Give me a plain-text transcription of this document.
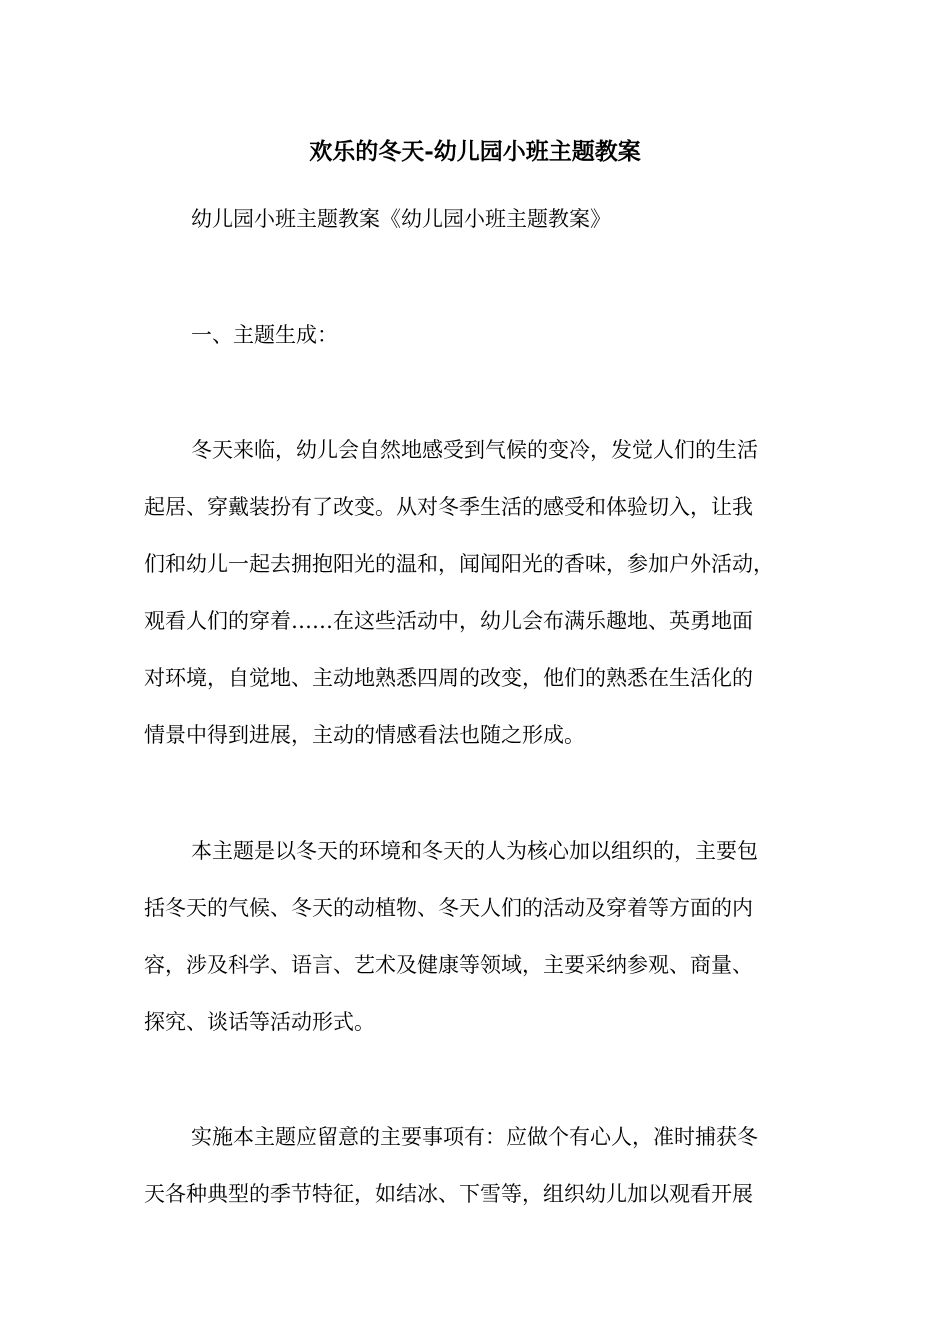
欢乐的冬天-幼儿园小班主题教案
幼儿园小班主题教案《幼儿园小班主题教案》
一、主题生成：
冬天来临，幼儿会自然地感受到气候的变冷，发觉人们的生活
起居、穿戴装扮有了改变。从对冬季生活的感受和体验切入，让我
们和幼儿一起去拥抱阳光的温和，闻闻阳光的香味，参加户外活动，
观看人们的穿着……在这些活动中，幼儿会布满乐趣地、英勇地面
对环境，自觉地、主动地熟悉四周的改变，他们的熟悉在生活化的
情景中得到进展，主动的情感看法也随之形成。
本主题是以冬天的环境和冬天的人为核心加以组织的，主要包
括冬天的气候、冬天的动植物、冬天人们的活动及穿着等方面的内
容，涉及科学、语言、艺术及健康等领域，主要采纳参观、商量、
探究、谈话等活动形式。
实施本主题应留意的主要事项有：应做个有心人，准时捕获冬
天各种典型的季节特征，如结冰、下雪等，组织幼儿加以观看开展
